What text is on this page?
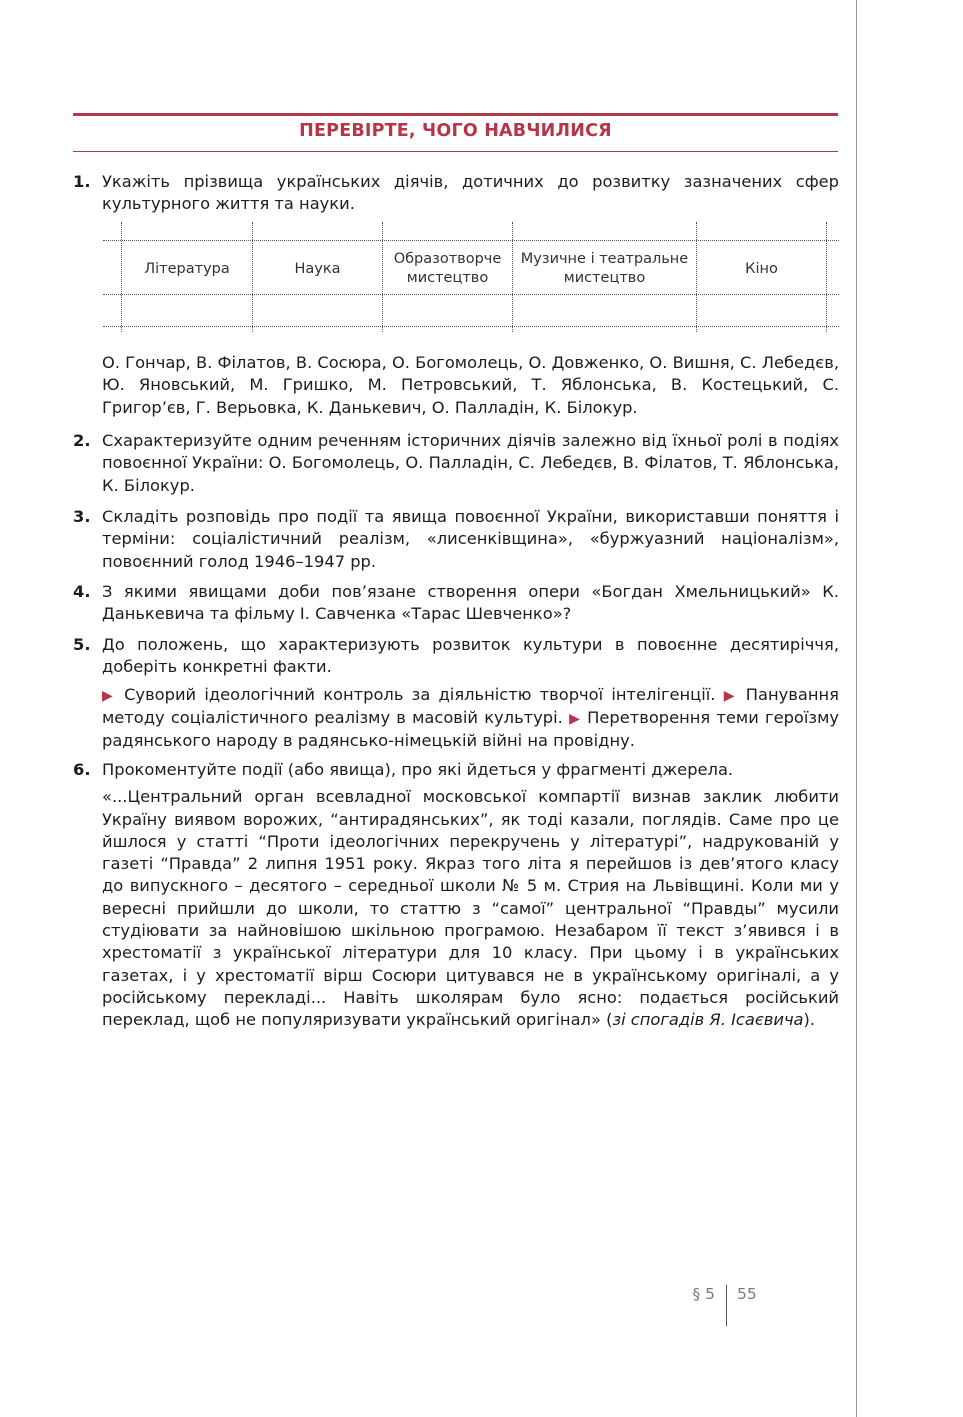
ПЕРЕВІРТЕ, ЧОГО НАВЧИЛИСЯ
1. Укажіть прізвища українських діячів, дотичних до розвитку зазначених сфер культурного життя та науки.
Література	Наука
Образотворче мистецтво
Музичне і театральне мистецтво
Кіно
О. Гончар, В. Філатов, В. Сосюра, О. Богомолець, О. Довженко, О. Вишня, С. Лебедєв, Ю. Яновський, М. Гришко, М. Петровський, Т. Яблонська, В. Костецький, С. Григор’єв, Г. Верьовка, К. Данькевич, О. Палладін, К. Білокур.
2. Схарактеризуйте одним реченням історичних діячів залежно від їхньої ролі в подіях повоєнної України: О. Богомолець, О. Палладін, С. Лебедєв, В. Філатов, Т. Яблонська, К. Білокур.
3. Складіть розповідь про події та явища повоєнної України, використавши поняття і терміни: соціалістичний реалізм, «лисенківщина», «буржуазний націоналізм», повоєнний голод 1946–1947 рр.
4. З якими явищами доби пов’язане створення опери «Богдан Хмельницький» К. Данькевича та фільму І. Савченка «Тарас Шевченко»?
5. До положень, що характеризують розвиток культури в повоєнне десятиріччя, доберіть конкретні факти.
▶ Суворий ідеологічний контроль за діяльністю творчої інтелігенції. ▶ Панування методу соціалістичного реалізму в масовій культурі. ▶ Перетворення теми героїзму радянського народу в радянсько-німецькій війні на провідну.
6. Прокоментуйте події (або явища), про які йдеться у фрагменті джерела.
«...Центральний орган всевладної московської компартії визнав заклик любити Україну виявом ворожих, “антирадянських”, як тоді казали, поглядів. Саме про це йшлося у статті “Проти ідеологічних перекручень у літературі”, надрукованій у газеті “Правда” 2 липня 1951 року. Якраз того літа я перейшов із дев’ятого класу до випускного – десятого – середньої школи № 5 м. Стрия на Львівщині. Коли ми у вересні прийшли до школи, то статтю з “самої” центральної “Правды” мусили студіювати за найновішою шкільною програмою. Незабаром її текст з’явився і в хрестоматії з української літератури для 10 класу. При цьому і в українських газетах, і у хрестоматії вірш Сосюри цитувався не в українському оригіналі, а у російському перекладі... Навіть школярам було ясно: подається російський переклад, щоб не популяризувати український оригінал» (зі спогадів Я. Ісаєвича).
§ 5 55
